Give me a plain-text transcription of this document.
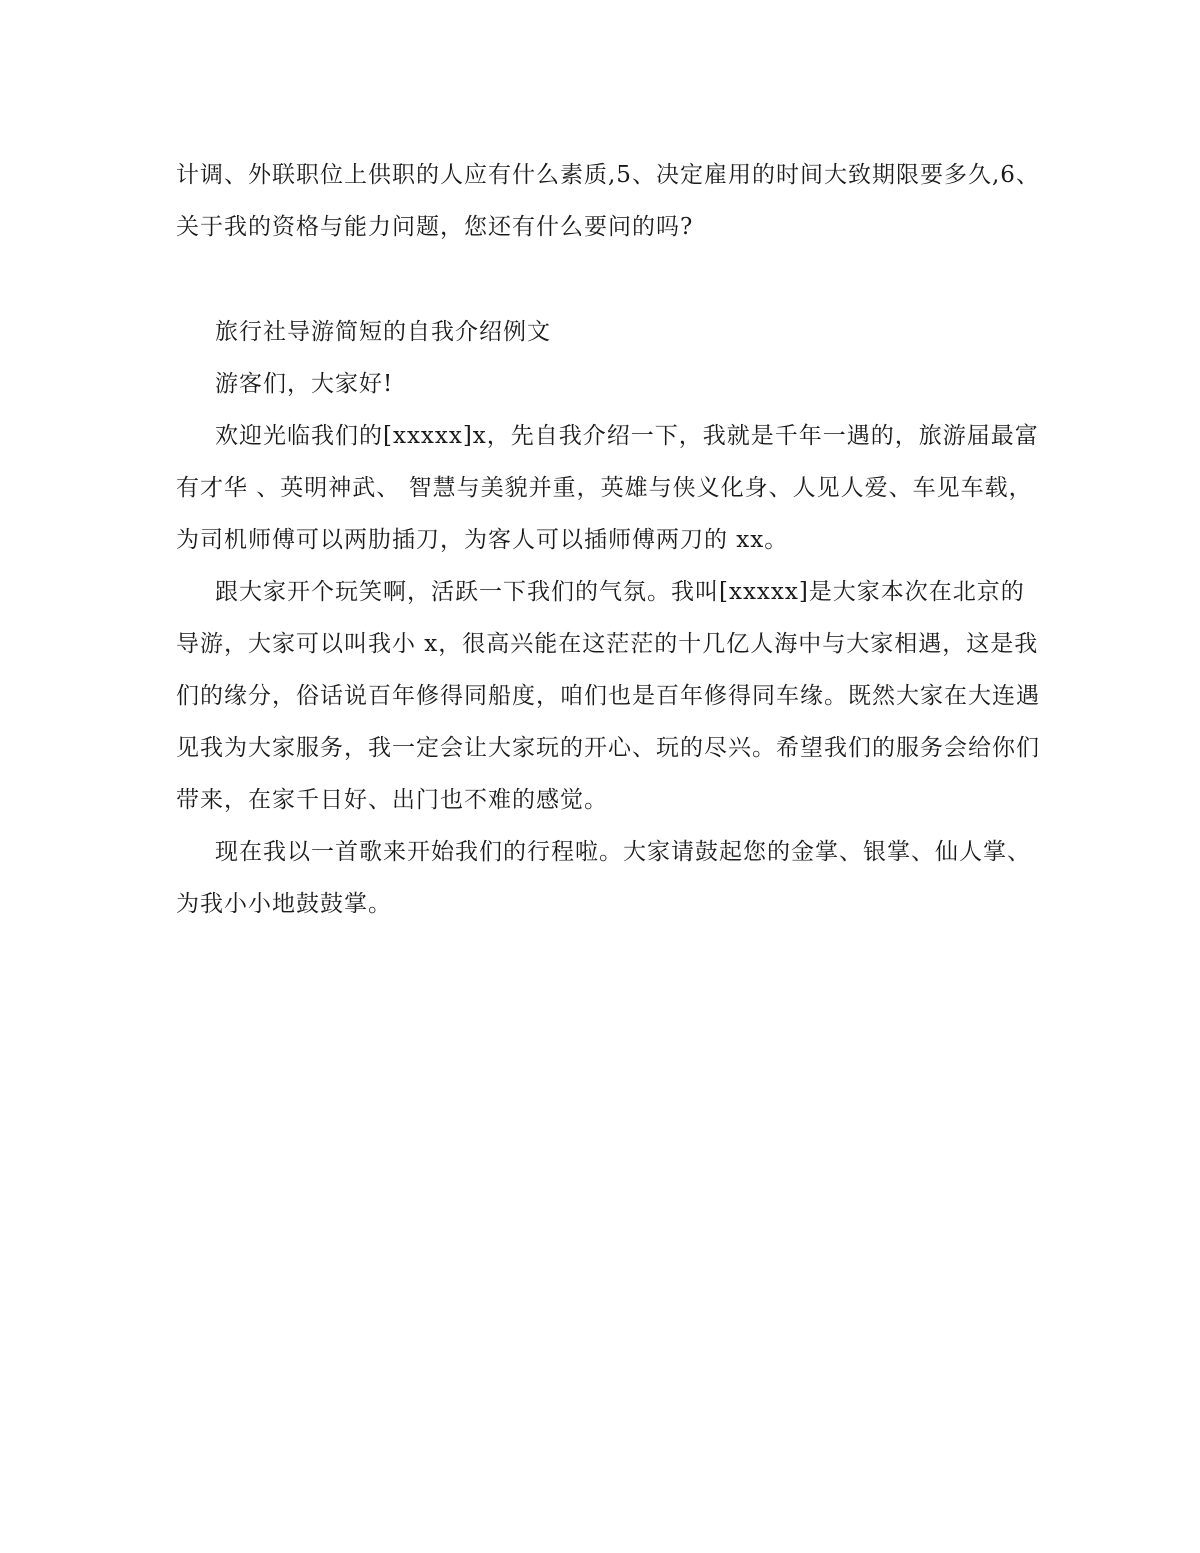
计调、外联职位上供职的人应有什么素质,5、决定雇用的时间大致期限要多久,6、
关于我的资格与能力问题，您还有什么要问的吗?
旅行社导游简短的自我介绍例文
游客们，大家好!
欢迎光临我们的[xxxxx]x，先自我介绍一下，我就是千年一遇的，旅游届最富
有才华 、英明神武、 智慧与美貌并重，英雄与侠义化身、人见人爱、车见车载，
为司机师傅可以两肋插刀，为客人可以插师傅两刀的 xx。
跟大家开个玩笑啊，活跃一下我们的气氛。我叫[xxxxx]是大家本次在北京的
导游，大家可以叫我小 x，很高兴能在这茫茫的十几亿人海中与大家相遇，这是我
们的缘分，俗话说百年修得同船度，咱们也是百年修得同车缘。既然大家在大连遇
见我为大家服务，我一定会让大家玩的开心、玩的尽兴。希望我们的服务会给你们
带来，在家千日好、出门也不难的感觉。
现在我以一首歌来开始我们的行程啦。大家请鼓起您的金掌、银掌、仙人掌、
为我小小地鼓鼓掌。
